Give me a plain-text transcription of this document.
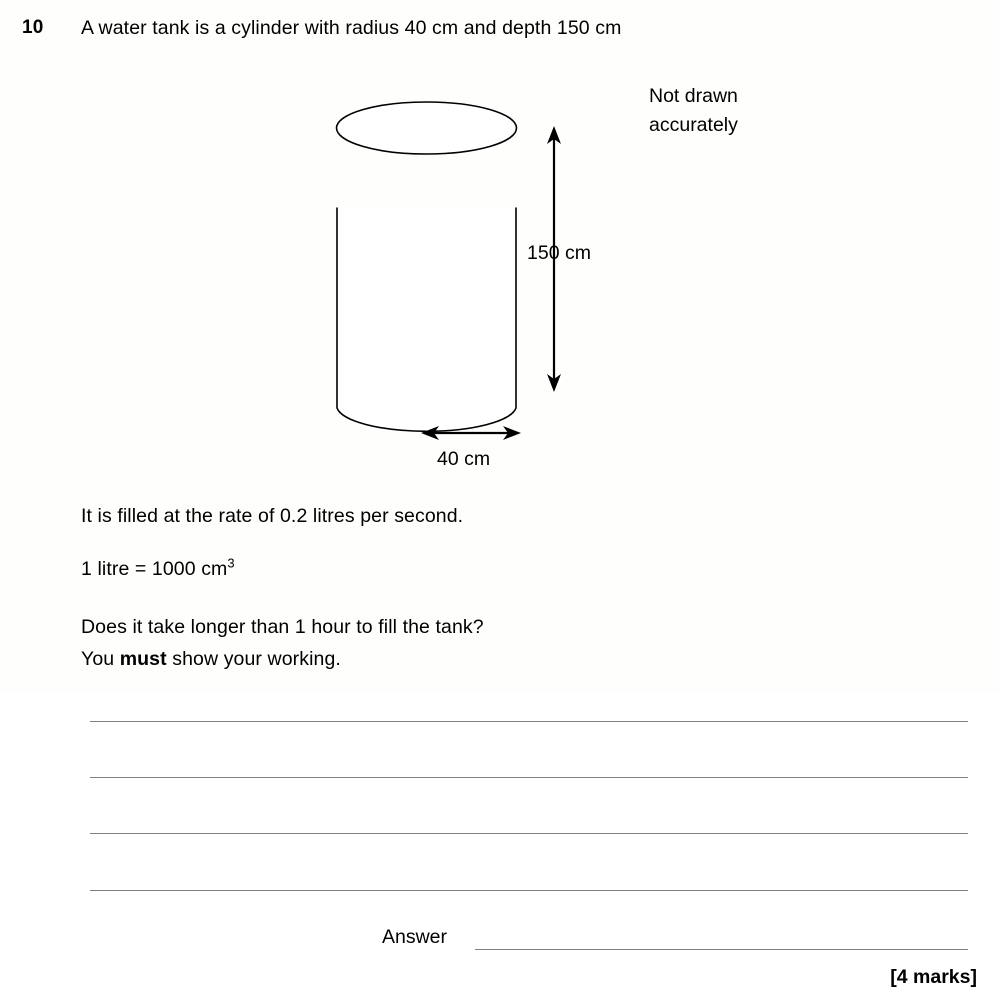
10 A water tank is a cylinder with radius 40 cm and depth 150 cm
Not drawn
accurately
150 cm
40 cm
It is filled at the rate of 0.2 litres per second.
1 litre = 1000 $cm^3$
Does it take longer than 1 hour to fill the tank?
You must show your working.
Answer
[4 marks]
